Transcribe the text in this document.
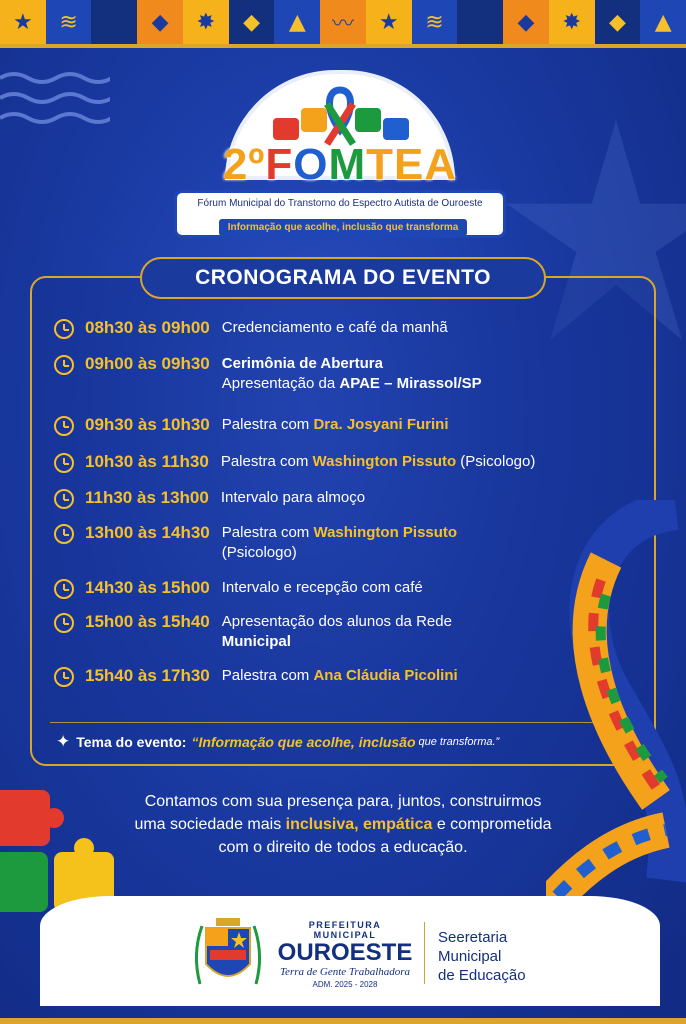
★	≋	◆	✸	◆	▲	〰	★	≋	◆	✸	◆	▲
2ºFOMTEA
Fórum Municipal do Transtorno do Espectro Autista de Ouroeste
Informação que acolhe, inclusão que transforma
CRONOGRAMA DO EVENTO
08h30 às 09h00 Credenciamento e café da manhã
09h00 às 09h30 Cerimônia de Abertura
Apresentação da APAE – Mirassol/SP
09h30 às 10h30 Palestra com Dra. Josyani Furini
10h30 às 11h30 Palestra com Washington Pissuto (Psicologo)
11h30 às 13h00 Intervalo para almoço
13h00 às 14h30 Palestra com Washington Pissuto
(Psicologo)
14h30 às 15h00 Intervalo e recepção com café
15h00 às 15h40 Apresentação dos alunos da Rede
Municipal
15h40 às 17h30 Palestra com Ana Cláudia Picolini
✦ Tema do evento: “Informação que acolhe, inclusão que transforma.”
Contamos com sua presença para, juntos, construirmos
uma sociedade mais inclusiva, empática e comprometida
com o direito de todos a educação.
PREFEITURA MUNICIPAL
OUROESTE
Terra de Gente Trabalhadora
ADM. 2025 - 2028
Seeretaria
Municipal
de Educação
